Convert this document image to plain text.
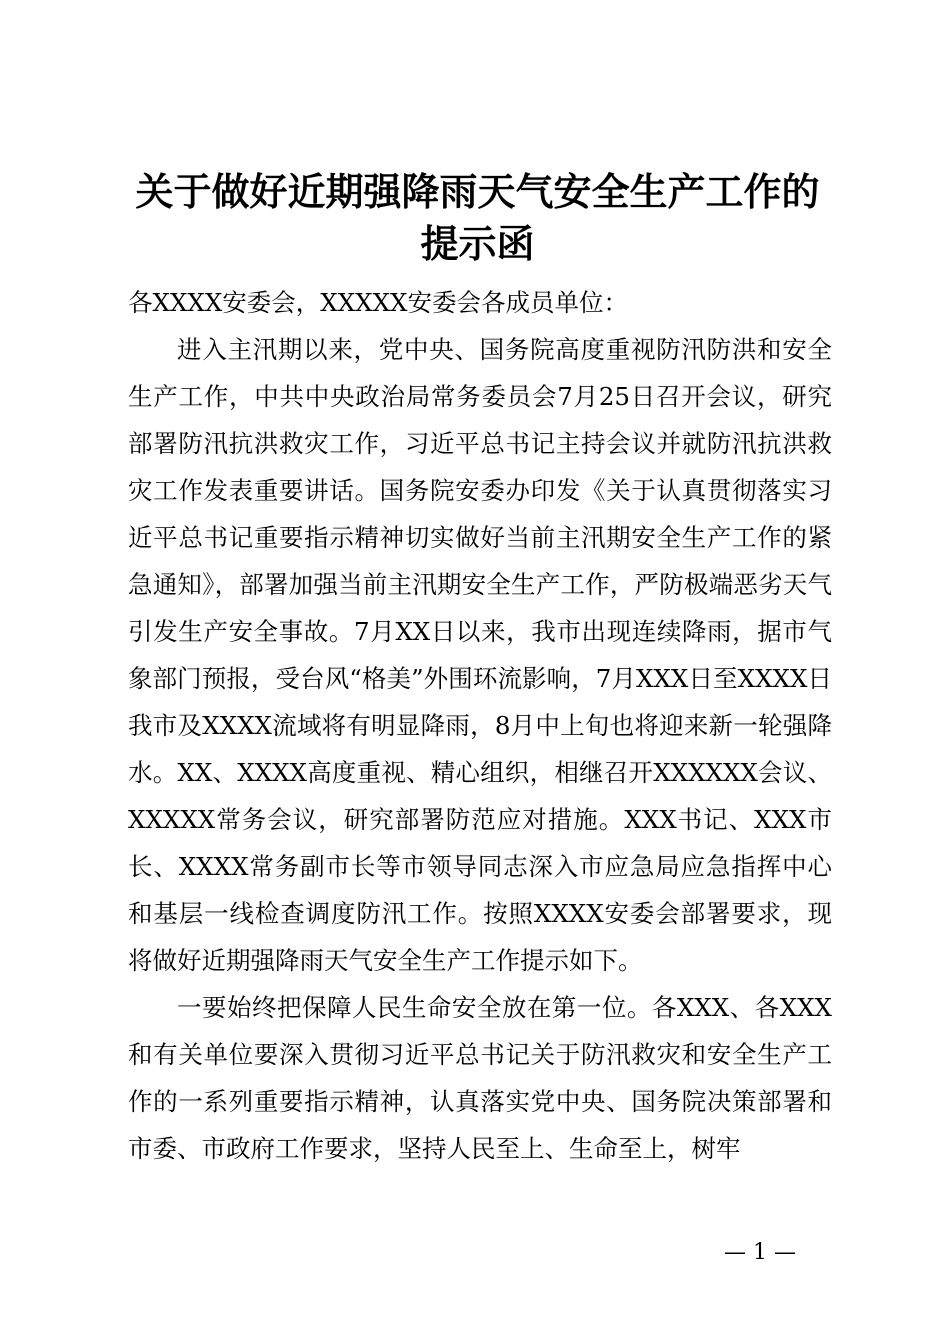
关于做好近期强降雨天气安全生产工作的提示函

各XXXX安委会，XXXXX安委会各成员单位：

进入主汛期以来，党中央、国务院高度重视防汛防洪和安全生产工作，中共中央政治局常务委员会7月25日召开会议，研究部署防汛抗洪救灾工作，习近平总书记主持会议并就防汛抗洪救灾工作发表重要讲话。国务院安委办印发《关于认真贯彻落实习近平总书记重要指示精神切实做好当前主汛期安全生产工作的紧急通知》，部署加强当前主汛期安全生产工作，严防极端恶劣天气引发生产安全事故。7月XX日以来，我市出现连续降雨，据市气象部门预报，受台风“格美”外围环流影响，7月XXX日至XXXX日我市及XXXX流域将有明显降雨，8月中上旬也将迎来新一轮强降水。XX、XXXX高度重视、精心组织，相继召开XXXXXX会议、XXXXX常务会议，研究部署防范应对措施。XXX书记、XXX市长、XXXX常务副市长等市领导同志深入市应急局应急指挥中心和基层一线检查调度防汛工作。按照XXXX安委会部署要求，现将做好近期强降雨天气安全生产工作提示如下。

一要始终把保障人民生命安全放在第一位。各XXX、各XXX和有关单位要深入贯彻习近平总书记关于防汛救灾和安全生产工作的一系列重要指示精神，认真落实党中央、国务院决策部署和市委、市政府工作要求，坚持人民至上、生命至上，树牢

— 1 —
